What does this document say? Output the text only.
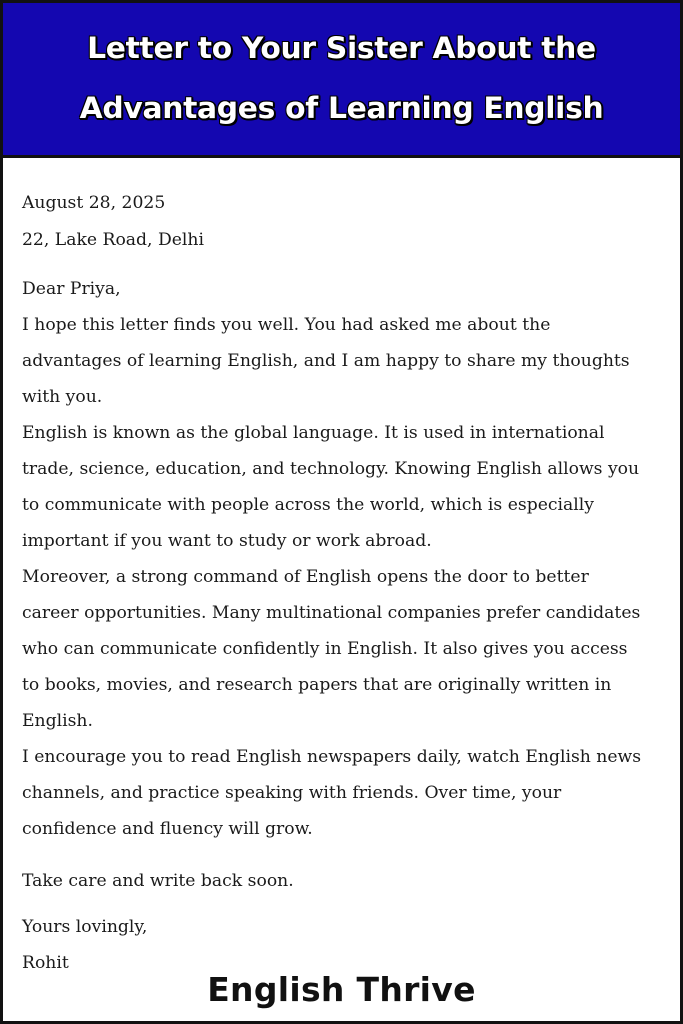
Letter to Your Sister About the
Advantages of Learning English
August 28, 2025
22, Lake Road, Delhi
Dear Priya,
I hope this letter finds you well. You had asked me about the
advantages of learning English, and I am happy to share my thoughts
with you.
English is known as the global language. It is used in international
trade, science, education, and technology. Knowing English allows you
to communicate with people across the world, which is especially
important if you want to study or work abroad.
Moreover, a strong command of English opens the door to better
career opportunities. Many multinational companies prefer candidates
who can communicate confidently in English. It also gives you access
to books, movies, and research papers that are originally written in
English.
I encourage you to read English newspapers daily, watch English news
channels, and practice speaking with friends. Over time, your
confidence and fluency will grow.
Take care and write back soon.
Yours lovingly,
Rohit
English Thrive
